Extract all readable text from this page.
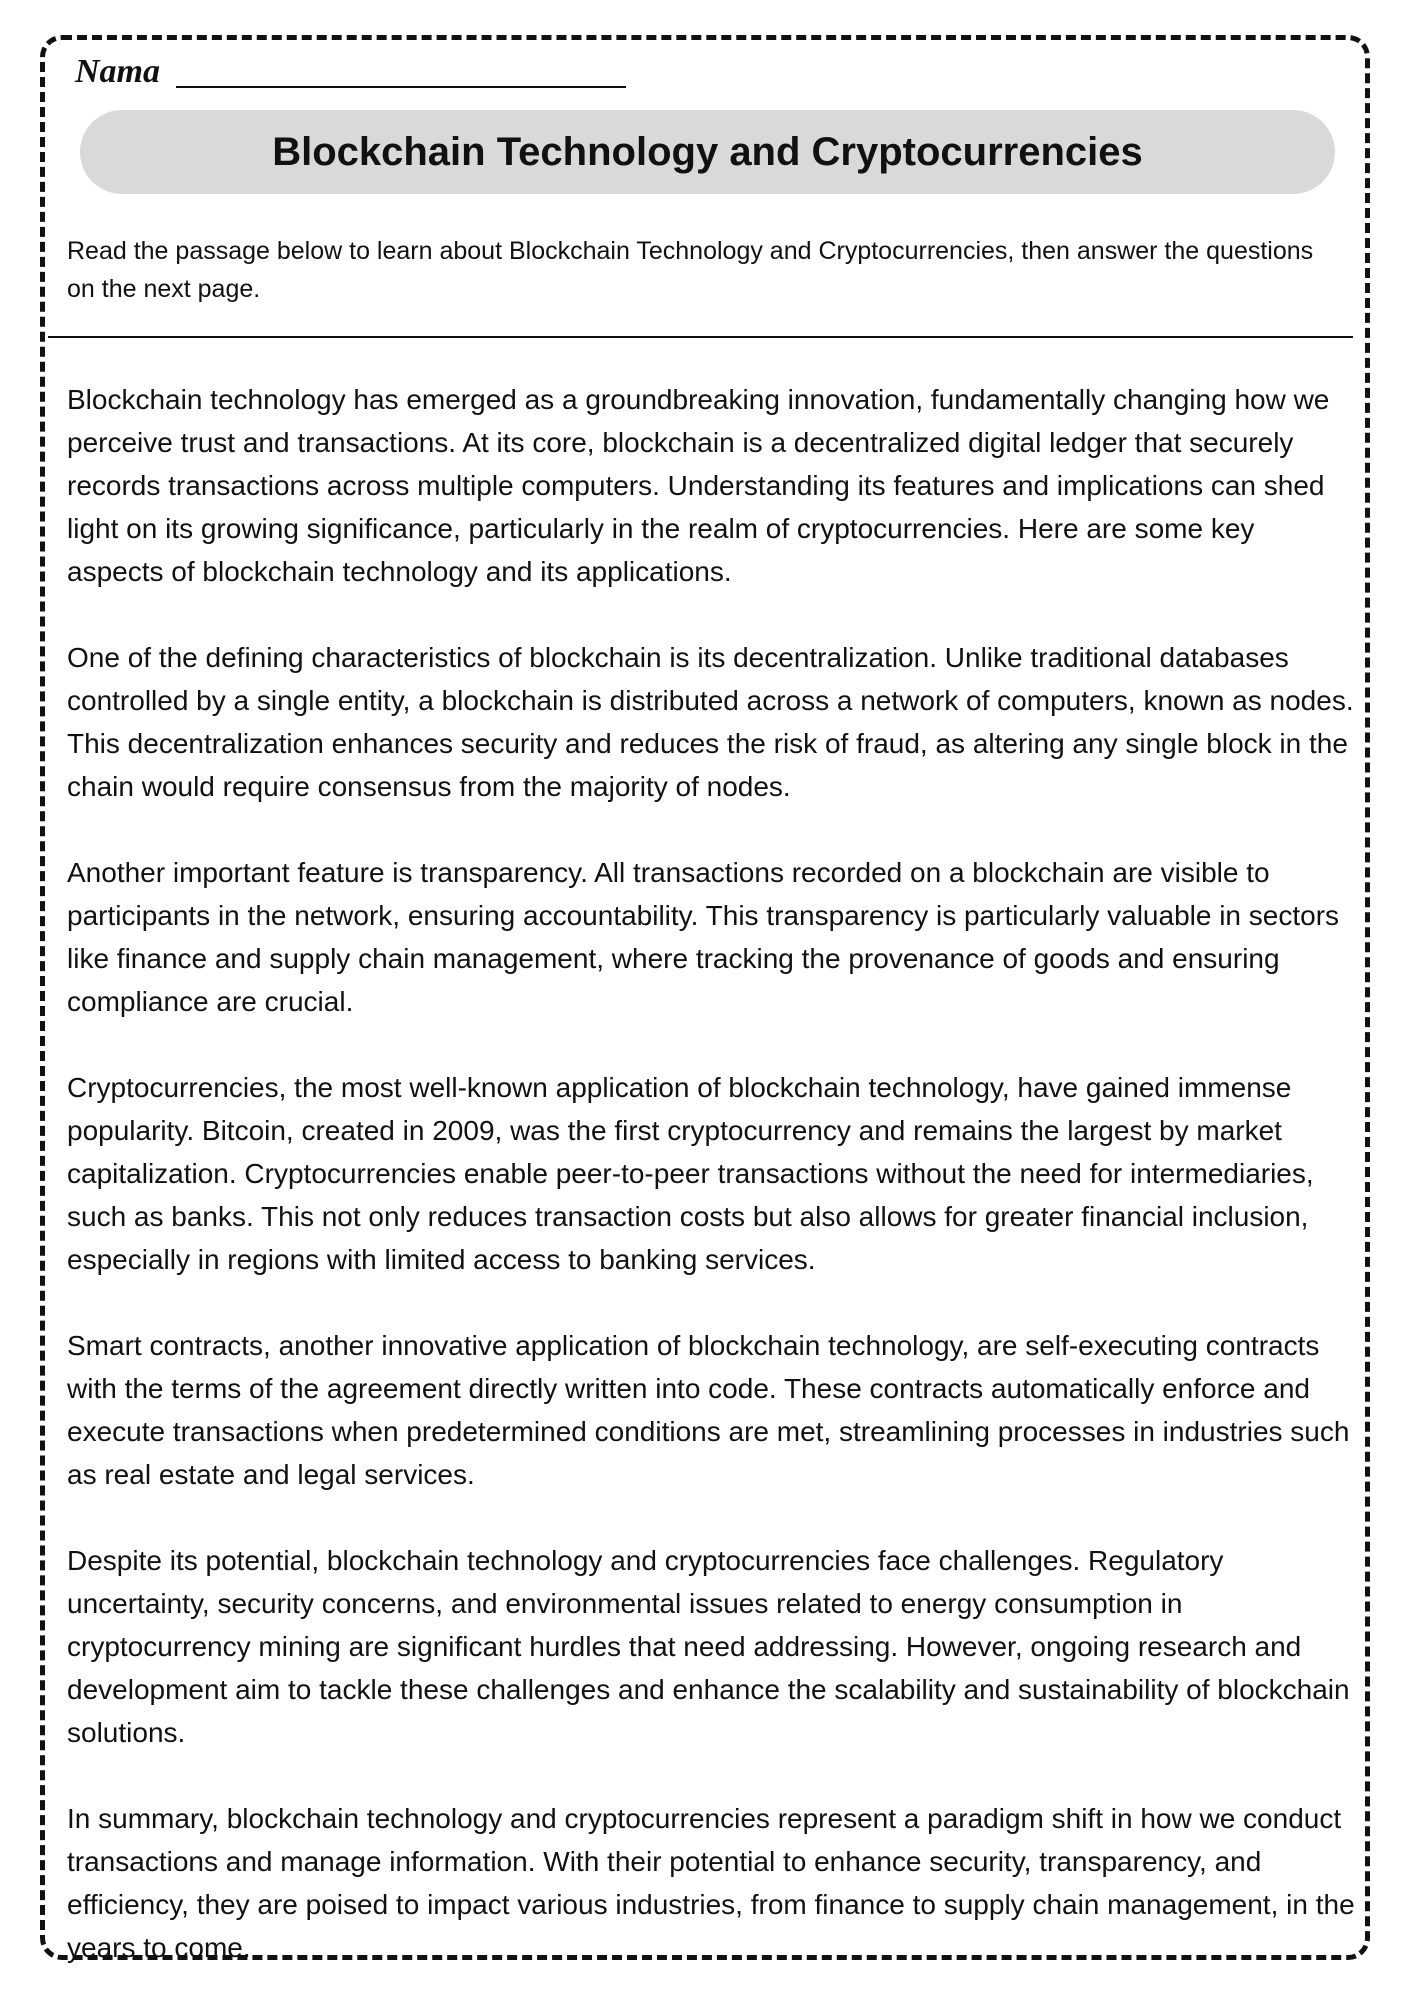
Nama
Blockchain Technology and Cryptocurrencies
Read the passage below to learn about Blockchain Technology and Cryptocurrencies, then answer the questions on the next page.

Blockchain technology has emerged as a groundbreaking innovation, fundamentally changing how we perceive trust and transactions. At its core, blockchain is a decentralized digital ledger that securely records transactions across multiple computers. Understanding its features and implications can shed light on its growing significance, particularly in the realm of cryptocurrencies. Here are some key aspects of blockchain technology and its applications.

One of the defining characteristics of blockchain is its decentralization. Unlike traditional databases controlled by a single entity, a blockchain is distributed across a network of computers, known as nodes. This decentralization enhances security and reduces the risk of fraud, as altering any single block in the chain would require consensus from the majority of nodes.

Another important feature is transparency. All transactions recorded on a blockchain are visible to participants in the network, ensuring accountability. This transparency is particularly valuable in sectors like finance and supply chain management, where tracking the provenance of goods and ensuring compliance are crucial.

Cryptocurrencies, the most well-known application of blockchain technology, have gained immense popularity. Bitcoin, created in 2009, was the first cryptocurrency and remains the largest by market capitalization. Cryptocurrencies enable peer-to-peer transactions without the need for intermediaries, such as banks. This not only reduces transaction costs but also allows for greater financial inclusion, especially in regions with limited access to banking services.

Smart contracts, another innovative application of blockchain technology, are self-executing contracts with the terms of the agreement directly written into code. These contracts automatically enforce and execute transactions when predetermined conditions are met, streamlining processes in industries such as real estate and legal services.

Despite its potential, blockchain technology and cryptocurrencies face challenges. Regulatory uncertainty, security concerns, and environmental issues related to energy consumption in cryptocurrency mining are significant hurdles that need addressing. However, ongoing research and development aim to tackle these challenges and enhance the scalability and sustainability of blockchain solutions.

In summary, blockchain technology and cryptocurrencies represent a paradigm shift in how we conduct transactions and manage information. With their potential to enhance security, transparency, and efficiency, they are poised to impact various industries, from finance to supply chain management, in the years to come.
